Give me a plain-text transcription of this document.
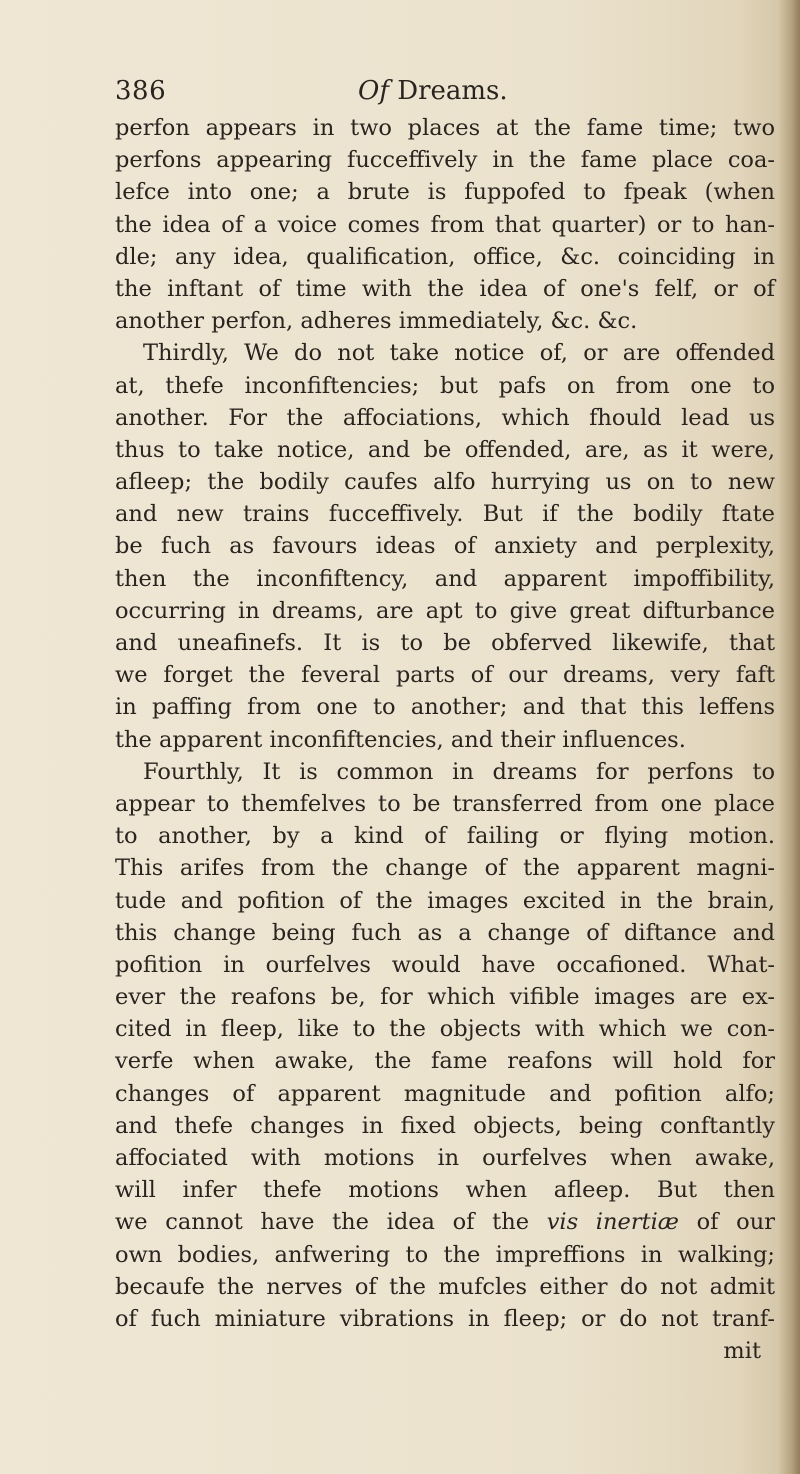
386	Of Dreams.
perfon appears in two places at the fame time; two
perfons appearing fucceffively in the fame place coa-
lefce into one; a brute is fuppofed to fpeak (when
the idea of a voice comes from that quarter) or to han-
dle; any idea, qualification, office, &c. coinciding in
the inftant of time with the idea of one's felf, or of
another perfon, adheres immediately, &c. &c.
Thirdly, We do not take notice of, or are offended
at, thefe inconfiftencies; but pafs on from one to
another. For the affociations, which fhould lead us
thus to take notice, and be offended, are, as it were,
afleep; the bodily caufes alfo hurrying us on to new
and new trains fucceffively. But if the bodily ftate
be fuch as favours ideas of anxiety and perplexity,
then the inconfiftency, and apparent impoffibility,
occurring in dreams, are apt to give great difturbance
and uneafinefs. It is to be obferved likewife, that
we forget the feveral parts of our dreams, very faft
in paffing from one to another; and that this leffens
the apparent inconfiftencies, and their influences.
Fourthly, It is common in dreams for perfons to
appear to themfelves to be transferred from one place
to another, by a kind of failing or flying motion.
This arifes from the change of the apparent magni-
tude and pofition of the images excited in the brain,
this change being fuch as a change of diftance and
pofition in ourfelves would have occafioned. What-
ever the reafons be, for which vifible images are ex-
cited in fleep, like to the objects with which we con-
verfe when awake, the fame reafons will hold for
changes of apparent magnitude and pofition alfo;
and thefe changes in fixed objects, being conftantly
affociated with motions in ourfelves when awake,
will infer thefe motions when afleep. But then
we cannot have the idea of the vis inertiæ of our
own bodies, anfwering to the impreffions in walking;
becaufe the nerves of the mufcles either do not admit
of fuch miniature vibrations in fleep; or do not tranf-
mit
